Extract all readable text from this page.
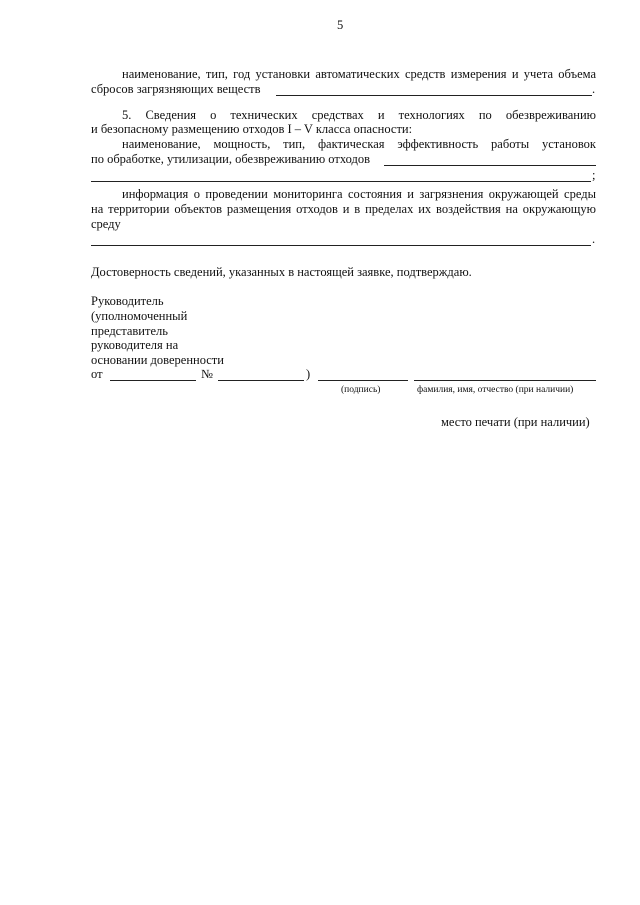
5
наименование, тип, год установки автоматических средств измерения и учета объема
сбросов загрязняющих веществ	.
5. Сведения о технических средствах и технологиях по обезвреживанию
и безопасному размещению отходов I – V класса опасности:
наименование, мощность, тип, фактическая эффективность работы установок
по обработке, утилизации, обезвреживанию отходов
;
информация о проведении мониторинга состояния и загрязнения окружающей среды
на территории объектов размещения отходов и в пределах их воздействия на окружающую
среду
.
Достоверность сведений, указанных в настоящей заявке, подтверждаю.
Руководитель
(уполномоченный
представитель
руководителя на
основании доверенности
от	№	)
(подпись)	фамилия, имя, отчество (при наличии)
место печати (при наличии)
